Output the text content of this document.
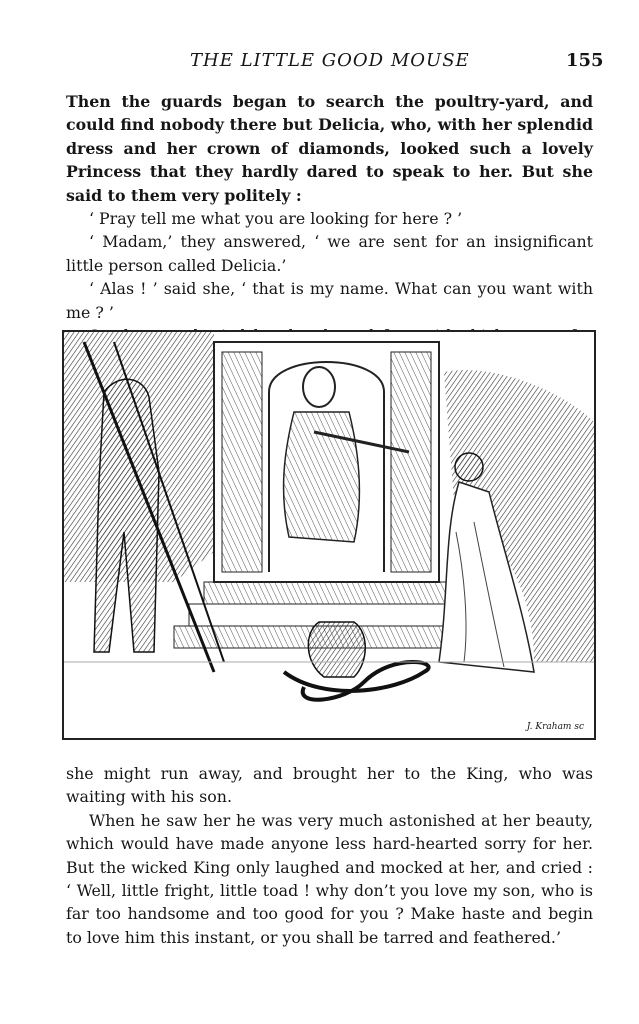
THE LITTLE GOOD MOUSE	155

Then the guards began to search the poultry-yard, and could find nobody there but Delicia, who, with her splendid dress and her crown of diamonds, looked such a lovely Princess that they hardly dared to speak to her. But she said to them very politely :

‘ Pray tell me what you are looking for here ? ’

‘ Madam,’ they answered, ‘ we are sent for an insignificant little person called Delicia.’

‘ Alas ! ’ said she, ‘ that is my name. What can you want with me ? ’

J. Kraham sc

she might run away, and brought her to the King, who was waiting with his son.

When he saw her he was very much astonished at her beauty, which would have made anyone less hard-hearted sorry for her. But the wicked King only laughed and mocked at her, and cried : ‘ Well, little fright, little toad ! why don’t you love my son, who is far too handsome and too good for you ? Make haste and begin to love him this instant, or you shall be tarred and feathered.’
